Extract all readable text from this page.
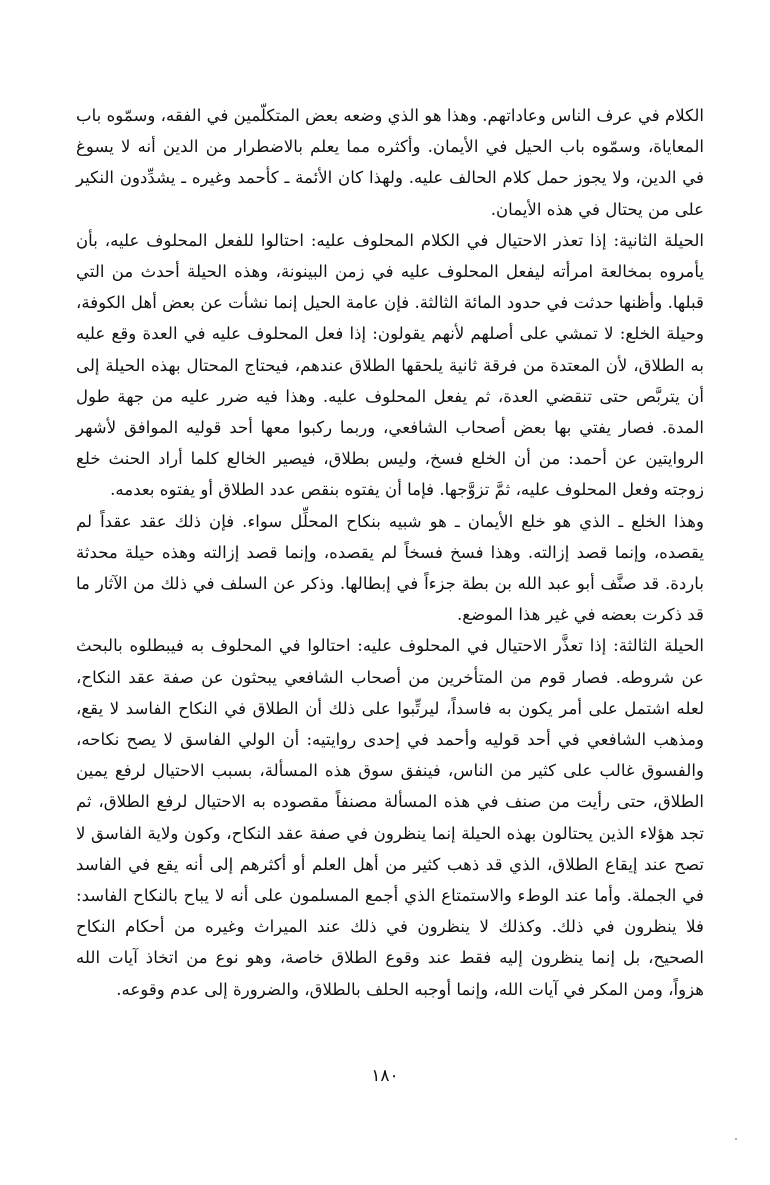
الكلام في عرف الناس وعاداتهم. وهذا هو الذي وضعه بعض المتكلّمين في الفقه، وسمّوه باب المعاياة، وسمّوه باب الحيل في الأيمان. وأكثره مما يعلم بالاضطرار من الدين أنه لا يسوغ في الدين، ولا يجوز حمل كلام الحالف عليه. ولهذا كان الأئمة ـ كأحمد وغيره ـ يشدِّدون النكير على من يحتال في هذه الأيمان.

الحيلة الثانية: إذا تعذر الاحتيال في الكلام المحلوف عليه: احتالوا للفعل المحلوف عليه، بأن يأمروه بمخالعة امرأته ليفعل المحلوف عليه في زمن البينونة، وهذه الحيلة أحدث من التي قبلها. وأظنها حدثت في حدود المائة الثالثة. فإن عامة الحيل إنما نشأت عن بعض أهل الكوفة، وحيلة الخلع: لا تمشي على أصلهم لأنهم يقولون: إذا فعل المحلوف عليه في العدة وقع عليه به الطلاق، لأن المعتدة من فرقة ثانية يلحقها الطلاق عندهم، فيحتاج المحتال بهذه الحيلة إلى أن يتربَّص حتى تنقضي العدة، ثم يفعل المحلوف عليه. وهذا فيه ضرر عليه من جهة طول المدة. فصار يفتي بها بعض أصحاب الشافعي، وربما ركبوا معها أحد قوليه الموافق لأشهر الروايتين عن أحمد: من أن الخلع فسخ، وليس بطلاق، فيصير الخالع كلما أراد الحنث خلع زوجته وفعل المحلوف عليه، ثمَّ تزوَّجها. فإما أن يفتوه بنقص عدد الطلاق أو يفتوه بعدمه.

وهذا الخلع ـ الذي هو خلع الأيمان ـ هو شبيه بنكاح المحلِّل سواء. فإن ذلك عقد عقداً لم يقصده، وإنما قصد إزالته. وهذا فسخ فسخاً لم يقصده، وإنما قصد إزالته وهذه حيلة محدثة باردة. قد صنَّف أبو عبد الله بن بطة جزءاً في إبطالها. وذكر عن السلف في ذلك من الآثار ما قد ذكرت بعضه في غير هذا الموضع.

الحيلة الثالثة: إذا تعذَّر الاحتيال في المحلوف عليه: احتالوا في المحلوف به فيبطلوه بالبحث عن شروطه. فصار قوم من المتأخرين من أصحاب الشافعي يبحثون عن صفة عقد النكاح، لعله اشتمل على أمر يكون به فاسداً، ليرتِّبوا على ذلك أن الطلاق في النكاح الفاسد لا يقع، ومذهب الشافعي في أحد قوليه وأحمد في إحدى روايتيه: أن الولي الفاسق لا يصح نكاحه، والفسوق غالب على كثير من الناس، فينفق سوق هذه المسألة، بسبب الاحتيال لرفع يمين الطلاق، حتى رأيت من صنف في هذه المسألة مصنفاً مقصوده به الاحتيال لرفع الطلاق، ثم تجد هؤلاء الذين يحتالون بهذه الحيلة إنما ينظرون في صفة عقد النكاح، وكون ولاية الفاسق لا تصح عند إيقاع الطلاق، الذي قد ذهب كثير من أهل العلم أو أكثرهم إلى أنه يقع في الفاسد في الجملة. وأما عند الوطء والاستمتاع الذي أجمع المسلمون على أنه لا يباح بالنكاح الفاسد: فلا ينظرون في ذلك. وكذلك لا ينظرون في ذلك عند الميراث وغيره من أحكام النكاح الصحيح، بل إنما ينظرون إليه فقط عند وقوع الطلاق خاصة، وهو نوع من اتخاذ آيات الله هزواً، ومن المكر في آيات الله، وإنما أوجبه الحلف بالطلاق، والضرورة إلى عدم وقوعه.

١٨٠
